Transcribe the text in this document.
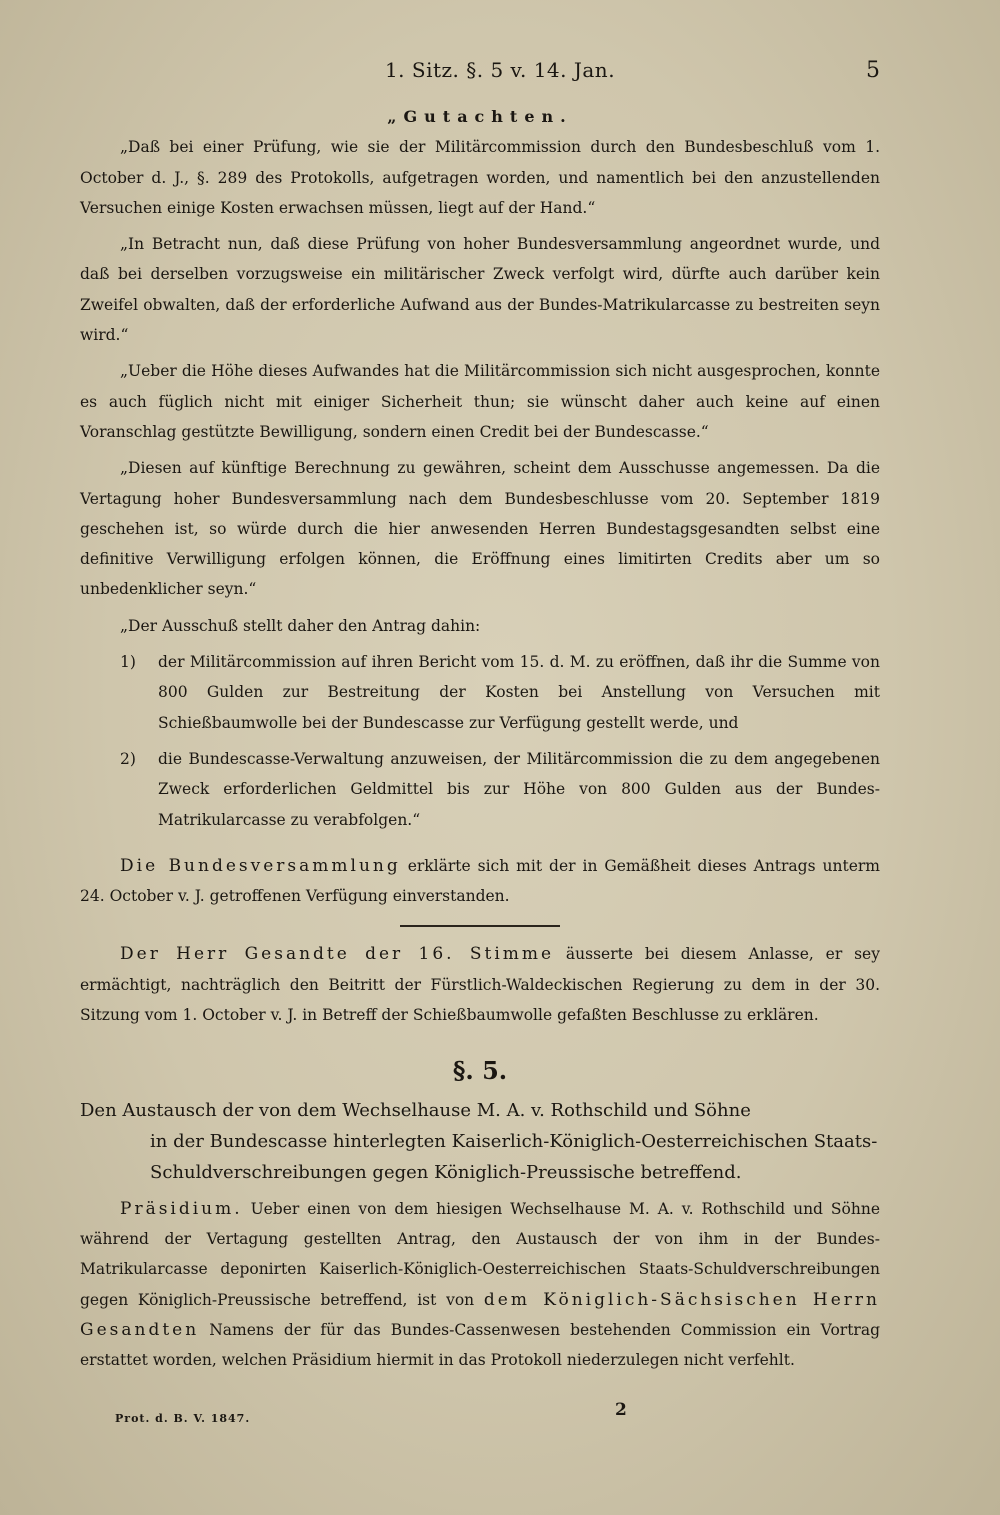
1. Sitz. §. 5 v. 14. Jan.	5

„Gutachten.

„Daß bei einer Prüfung, wie sie der Militärcommission durch den Bundesbeschluß vom 1. October d. J., §. 289 des Protokolls, aufgetragen worden, und namentlich bei den anzustellenden Versuchen einige Kosten erwachsen müssen, liegt auf der Hand.“

„In Betracht nun, daß diese Prüfung von hoher Bundesversammlung angeordnet wurde, und daß bei derselben vorzugsweise ein militärischer Zweck verfolgt wird, dürfte auch darüber kein Zweifel obwalten, daß der erforderliche Aufwand aus der Bundes-Matrikularcasse zu bestreiten seyn wird.“

„Ueber die Höhe dieses Aufwandes hat die Militärcommission sich nicht ausgesprochen, konnte es auch füglich nicht mit einiger Sicherheit thun; sie wünscht daher auch keine auf einen Voranschlag gestützte Bewilligung, sondern einen Credit bei der Bundescasse.“

„Diesen auf künftige Berechnung zu gewähren, scheint dem Ausschusse angemessen. Da die Vertagung hoher Bundesversammlung nach dem Bundesbeschlusse vom 20. September 1819 geschehen ist, so würde durch die hier anwesenden Herren Bundestagsgesandten selbst eine definitive Verwilligung erfolgen können, die Eröffnung eines limitirten Credits aber um so unbedenklicher seyn.“

„Der Ausschuß stellt daher den Antrag dahin:

1)	der Militärcommission auf ihren Bericht vom 15. d. M. zu eröffnen, daß ihr die Summe von 800 Gulden zur Bestreitung der Kosten bei Anstellung von Versuchen mit Schießbaumwolle bei der Bundescasse zur Verfügung gestellt werde, und
2)	die Bundescasse-Verwaltung anzuweisen, der Militärcommission die zu dem angegebenen Zweck erforderlichen Geldmittel bis zur Höhe von 800 Gulden aus der Bundes-Matrikularcasse zu verabfolgen.“

Die Bundesversammlung erklärte sich mit der in Gemäßheit dieses Antrags unterm 24. October v. J. getroffenen Verfügung einverstanden.

Der Herr Gesandte der 16. Stimme äusserte bei diesem Anlasse, er sey ermächtigt, nachträglich den Beitritt der Fürstlich-Waldeckischen Regierung zu dem in der 30. Sitzung vom 1. October v. J. in Betreff der Schießbaumwolle gefaßten Beschlusse zu erklären.

§. 5.
Den Austausch der von dem Wechselhause M. A. v. Rothschild und Söhne
in der Bundescasse hinterlegten Kaiserlich-Königlich-Oesterreichischen Staats-
Schuldverschreibungen gegen Königlich-Preussische betreffend.

Präsidium. Ueber einen von dem hiesigen Wechselhause M. A. v. Rothschild und Söhne während der Vertagung gestellten Antrag, den Austausch der von ihm in der Bundes-Matrikularcasse deponirten Kaiserlich-Königlich-Oesterreichischen Staats-Schuldverschreibungen gegen Königlich-Preussische betreffend, ist von dem Königlich-Sächsischen Herrn Gesandten Namens der für das Bundes-Cassenwesen bestehenden Commission ein Vortrag erstattet worden, welchen Präsidium hiermit in das Protokoll niederzulegen nicht verfehlt.

Prot. d. B. V. 1847.	2
